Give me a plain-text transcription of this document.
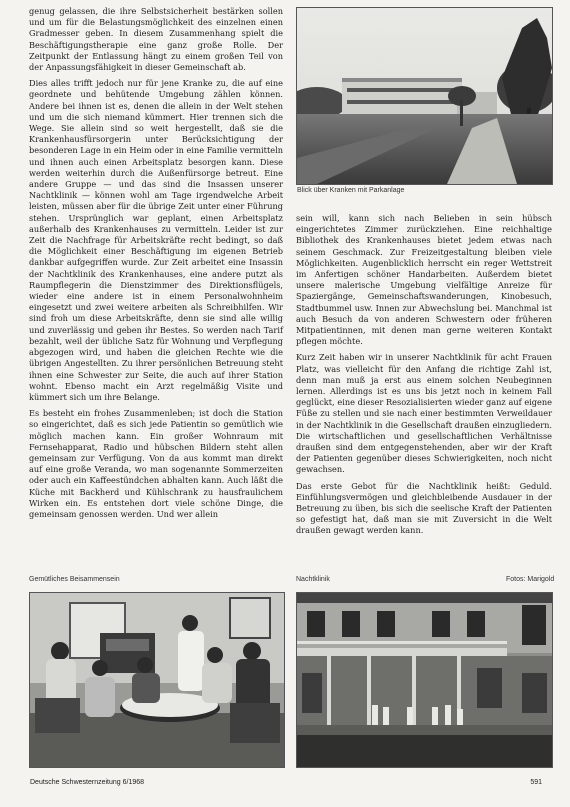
Blick über Kranken mit Parkanlage

genug gelassen, die ihre Selbstsicherheit bestärken sollen und um für die Belastungsmöglichkeit des einzelnen einen Gradmesser geben. In diesem Zusammenhang spielt die Beschäftigungstherapie eine ganz große Rolle. Der Zeitpunkt der Entlassung hängt zu einem großen Teil von der Anpassungsfähigkeit in dieser Gemeinschaft ab.

Dies alles trifft jedoch nur für jene Kranke zu, die auf eine geordnete und behütende Umgebung zählen können. Andere bei ihnen ist es, denen die allein in der Welt stehen und um die sich niemand kümmert. Hier trennen sich die Wege. Sie allein sind so weit hergestellt, daß sie die Krankenhausfürsorgerin unter Berücksichtigung der besonderen Lage in ein Heim oder in eine Familie vermitteln und ihnen auch einen Arbeitsplatz besorgen kann. Diese werden weiterhin durch die Außenfürsorge betreut. Eine andere Gruppe — und das sind die Insassen unserer Nachtklinik — können wohl am Tage irgendwelche Arbeit leisten, müssen aber für die übrige Zeit unter einer Führung stehen. Ursprünglich war geplant, einen Arbeitsplatz außerhalb des Krankenhauses zu vermitteln. Leider ist zur Zeit die Nachfrage für Arbeitskräfte recht bedingt, so daß die Möglichkeit einer Beschäftigung im eigenen Betrieb dankbar aufgegriffen wurde. Zur Zeit arbeitet eine Insassin der Nachtklinik des Krankenhauses, eine andere putzt als Raumpflegerin die Dienstzimmer des Direktionsflügels, wieder eine andere ist in einem Personalwohnheim eingesetzt und zwei weitere arbeiten als Schreibhilfen. Wir sind froh um diese Arbeitskräfte, denn sie sind alle willig und zuverlässig und geben ihr Bestes. So werden nach Tarif bezahlt, weil der übliche Satz für Wohnung und Verpflegung abgezogen wird, und haben die gleichen Rechte wie die übrigen Angestellten. Zu ihrer persönlichen Betreuung steht ihnen eine Schwester zur Seite, die auch auf ihrer Station wohnt. Ebenso macht ein Arzt regelmäßig Visite und kümmert sich um ihre Belange.

Es besteht ein frohes Zusammenleben; ist doch die Station so eingerichtet, daß es sich jede Patientin so gemütlich wie möglich machen kann. Ein großer Wohnraum mit Fernsehapparat, Radio und hübschen Bildern steht allen gemeinsam zur Verfügung. Von da aus kommt man direkt auf eine große Veranda, wo man sogenannte Sommerzeiten oder auch ein Kaffeestündchen abhalten kann. Auch läßt die Küche mit Backherd und Kühlschrank zu hausfraulichem Wirken ein. Es entstehen dort viele schöne Dinge, die gemeinsam genossen werden. Und wer allein

sein will, kann sich nach Belieben in sein hübsch eingerichtetes Zimmer zurückziehen. Eine reichhaltige Bibliothek des Krankenhauses bietet jedem etwas nach seinem Geschmack. Zur Freizeitgestaltung bleiben viele Möglichkeiten. Augenblicklich herrscht ein reger Wettstreit im Anfertigen schöner Handarbeiten. Außerdem bietet unsere malerische Umgebung vielfältige Anreize für Spaziergänge, Gemeinschaftswanderungen, Kinobesuch, Stadtbummel usw. Innen zur Abwechslung bei. Manchmal ist auch Besuch da von anderen Schwestern oder früheren Mitpatientinnen, mit denen man gerne weiteren Kontakt pflegen möchte.

Kurz Zeit haben wir in unserer Nachtklinik für acht Frauen Platz, was vielleicht für den Anfang die richtige Zahl ist, denn man muß ja erst aus einem solchen Neubeginnen lernen. Allerdings ist es uns bis jetzt noch in keinem Fall geglückt, eine dieser Resozialisierten wieder ganz auf eigene Füße zu stellen und sie nach einer bestimmten Verweildauer in der Nachtklinik in die Gesellschaft draußen einzugliedern. Die wirtschaftlichen und gesellschaftlichen Verhältnisse draußen sind dem entgegenstehenden, aber wir der Kraft der Patienten gegenüber dieses Schwierigkeiten, noch nicht gewachsen.

Das erste Gebot für die Nachtklinik heißt: Geduld. Einfühlungsvermögen und gleichbleibende Ausdauer in der Betreuung zu üben, bis sich die seelische Kraft der Patienten so gefestigt hat, daß man sie mit Zuversicht in die Welt draußen gewagt werden kann.

Gemütliches Beisammensein	Nachtklinik	Fotos: Marigold
Deutsche Schwesternzeitung 6/1968	591
